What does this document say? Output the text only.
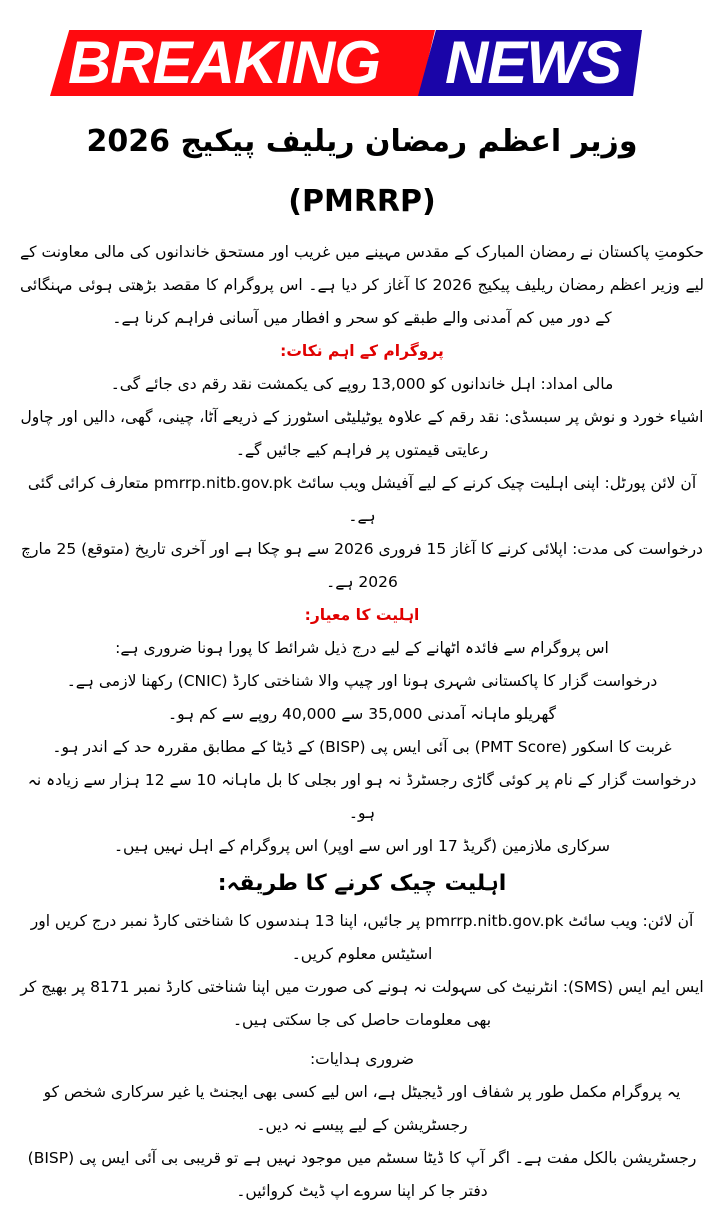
BREAKING NEWS
وزیر اعظم رمضان ریلیف پیکیج 2026 (PMRRP)

حکومتِ پاکستان نے رمضان المبارک کے مقدس مہینے میں غریب اور مستحق خاندانوں کی مالی معاونت کے لیے وزیر اعظم رمضان ریلیف پیکیج 2026 کا آغاز کر دیا ہے۔ اس پروگرام کا مقصد بڑھتی ہوئی مہنگائی کے دور میں کم آمدنی والے طبقے کو سحر و افطار میں آسانی فراہم کرنا ہے۔

پروگرام کے اہم نکات:

مالی امداد: اہل خاندانوں کو 13,000 روپے کی یکمشت نقد رقم دی جائے گی۔

اشیاء خورد و نوش پر سبسڈی: نقد رقم کے علاوہ یوٹیلیٹی اسٹورز کے ذریعے آٹا، چینی، گھی، دالیں اور چاول رعایتی قیمتوں پر فراہم کیے جائیں گے۔

آن لائن پورٹل: اپنی اہلیت چیک کرنے کے لیے آفیشل ویب سائٹ pmrrp.nitb.gov.pk متعارف کرائی گئی ہے۔

درخواست کی مدت: اپلائی کرنے کا آغاز 15 فروری 2026 سے ہو چکا ہے اور آخری تاریخ (متوقع) 25 مارچ 2026 ہے۔

اہلیت کا معیار:

اس پروگرام سے فائدہ اٹھانے کے لیے درج ذیل شرائط کا پورا ہونا ضروری ہے:

درخواست گزار کا پاکستانی شہری ہونا اور چیپ والا شناختی کارڈ (CNIC) رکھنا لازمی ہے۔

گھریلو ماہانہ آمدنی 35,000 سے 40,000 روپے سے کم ہو۔

غربت کا اسکور (PMT Score) بی آئی ایس پی (BISP) کے ڈیٹا کے مطابق مقررہ حد کے اندر ہو۔

درخواست گزار کے نام پر کوئی گاڑی رجسٹرڈ نہ ہو اور بجلی کا بل ماہانہ 10 سے 12 ہزار سے زیادہ نہ ہو۔

سرکاری ملازمین (گریڈ 17 اور اس سے اوپر) اس پروگرام کے اہل نہیں ہیں۔

اہلیت چیک کرنے کا طریقہ:

آن لائن: ویب سائٹ pmrrp.nitb.gov.pk پر جائیں، اپنا 13 ہندسوں کا شناختی کارڈ نمبر درج کریں اور اسٹیٹس معلوم کریں۔

ایس ایم ایس (SMS): انٹرنیٹ کی سہولت نہ ہونے کی صورت میں اپنا شناختی کارڈ نمبر 8171 پر بھیج کر بھی معلومات حاصل کی جا سکتی ہیں۔

ضروری ہدایات:

یہ پروگرام مکمل طور پر شفاف اور ڈیجیٹل ہے، اس لیے کسی بھی ایجنٹ یا غیر سرکاری شخص کو رجسٹریشن کے لیے پیسے نہ دیں۔

رجسٹریشن بالکل مفت ہے۔ اگر آپ کا ڈیٹا سسٹم میں موجود نہیں ہے تو قریبی بی آئی ایس پی (BISP) دفتر جا کر اپنا سروے اپ ڈیٹ کروائیں۔
